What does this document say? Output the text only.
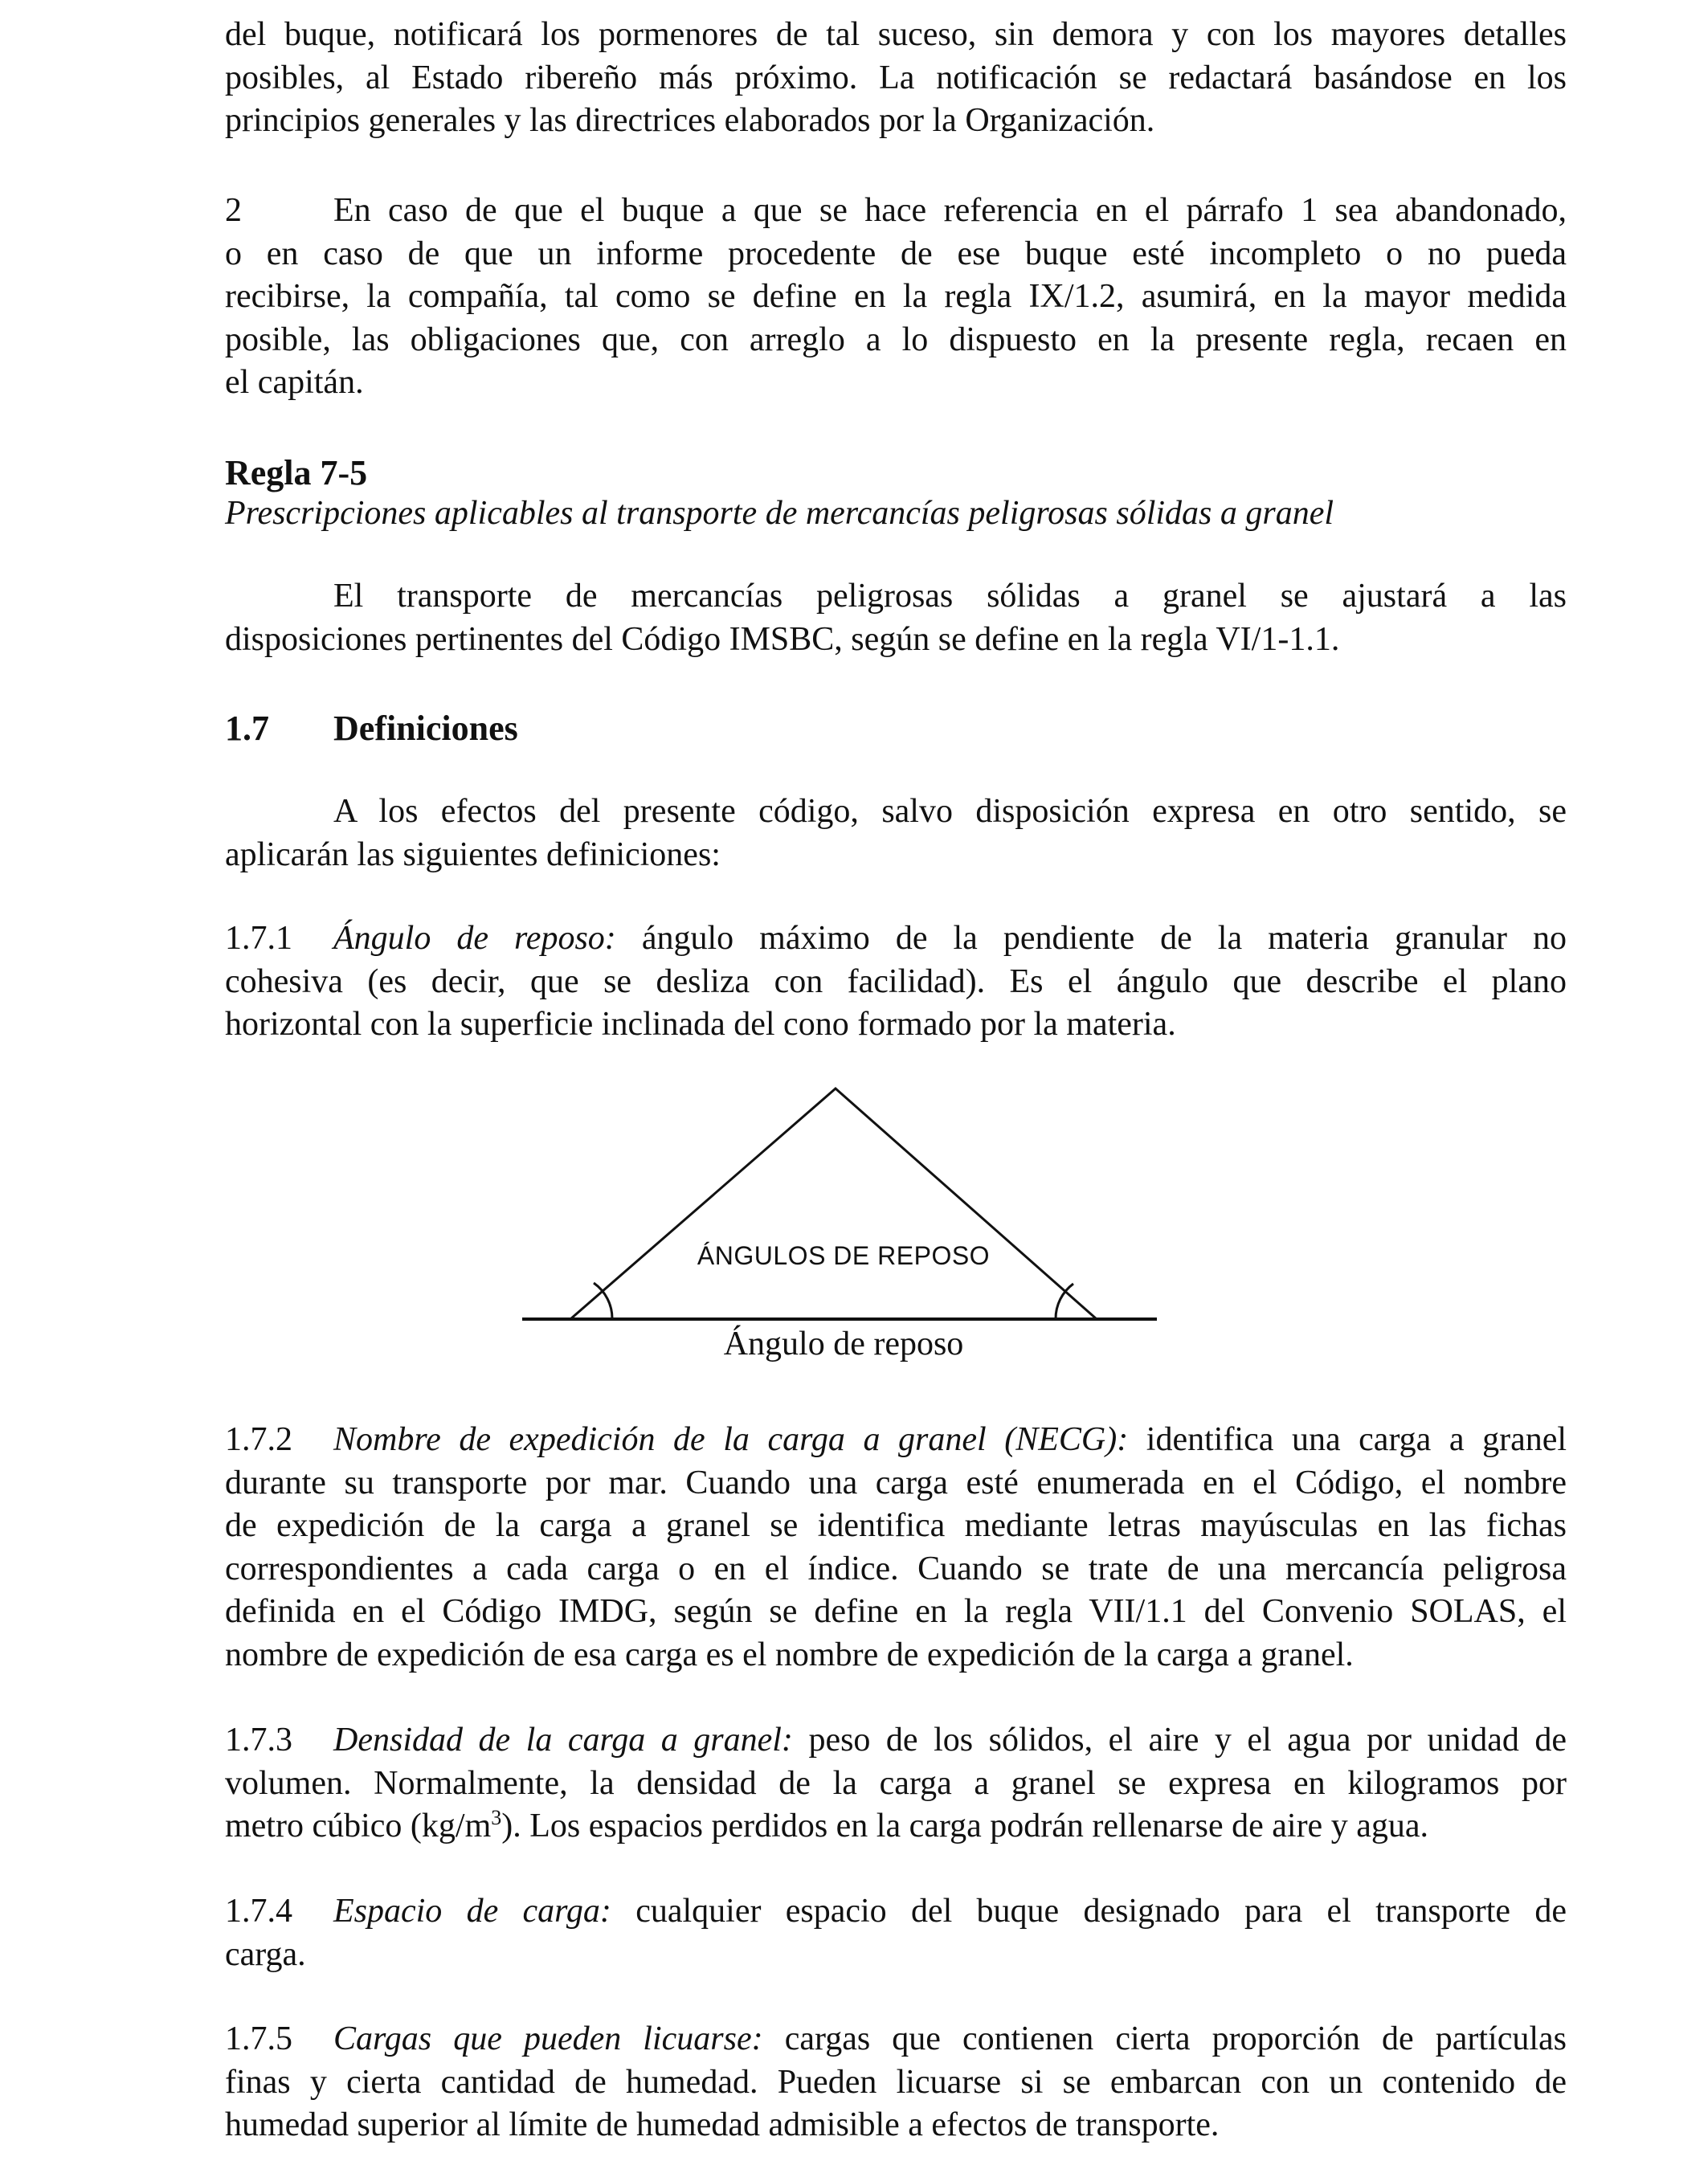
del buque, notificará los pormenores de tal suceso, sin demora y con los mayores detalles
posibles, al Estado ribereño más próximo. La notificación se redactará basándose en los
principios generales y las directrices elaborados por la Organización.
2	En caso de que el buque a que se hace referencia en el párrafo 1 sea abandonado,
o en caso de que un informe procedente de ese buque esté incompleto o no pueda
recibirse, la compañía, tal como se define en la regla IX/1.2, asumirá, en la mayor medida
posible, las obligaciones que, con arreglo a lo dispuesto en la presente regla, recaen en
el capitán.
Regla 7-5
Prescripciones aplicables al transporte de mercancías peligrosas sólidas a granel
El transporte de mercancías peligrosas sólidas a granel se ajustará a las
disposiciones pertinentes del Código IMSBC, según se define en la regla VI/1-1.1.
1.7 Definiciones
A los efectos del presente código, salvo disposición expresa en otro sentido, se
aplicarán las siguientes definiciones:
1.7.1 Ángulo de reposo: ángulo máximo de la pendiente de la materia granular no
cohesiva (es decir, que se desliza con facilidad). Es el ángulo que describe el plano
horizontal con la superficie inclinada del cono formado por la materia.
ÁNGULOS DE REPOSO
Ángulo de reposo
1.7.2 Nombre de expedición de la carga a granel (NECG): identifica una carga a granel
durante su transporte por mar. Cuando una carga esté enumerada en el Código, el nombre
de expedición de la carga a granel se identifica mediante letras mayúsculas en las fichas
correspondientes a cada carga o en el índice. Cuando se trate de una mercancía peligrosa
definida en el Código IMDG, según se define en la regla VII/1.1 del Convenio SOLAS, el
nombre de expedición de esa carga es el nombre de expedición de la carga a granel.
1.7.3 Densidad de la carga a granel: peso de los sólidos, el aire y el agua por unidad de
volumen. Normalmente, la densidad de la carga a granel se expresa en kilogramos por
metro cúbico $(kg/m^3)$. Los espacios perdidos en la carga podrán rellenarse de aire y agua.
1.7.4 Espacio de carga: cualquier espacio del buque designado para el transporte de
carga.
1.7.5 Cargas que pueden licuarse: cargas que contienen cierta proporción de partículas
finas y cierta cantidad de humedad. Pueden licuarse si se embarcan con un contenido de
humedad superior al límite de humedad admisible a efectos de transporte.
